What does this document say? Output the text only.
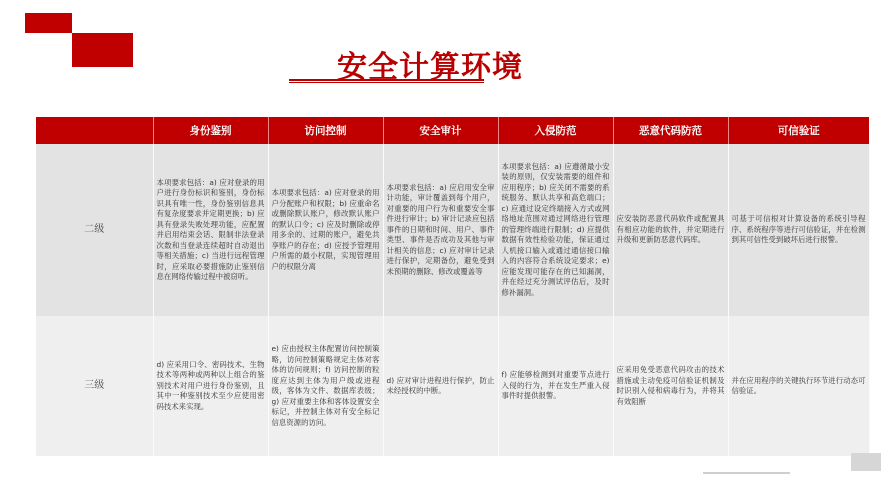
安全计算环境
	身份鉴别	访问控制	安全审计	入侵防范	恶意代码防范	可信验证
二级	本项要求包括：a) 应对登录的用户进行身份标识和鉴别，身份标识具有唯一性，身份鉴别信息具有复杂度要求并定期更换；b) 应具有登录失败处理功能，应配置并启用结束会话、限制非法登录次数和当登录连续超时自动退出等相关措施；c) 当进行远程管理时，应采取必要措施防止鉴别信息在网络传输过程中被窃听。	本项要求包括：a) 应对登录的用户分配账户和权限；b) 应重命名或删除默认账户，修改默认账户的默认口令；c) 应及时删除或停用多余的、过期的账户，避免共享账户的存在；d) 应授予管理用户所需的最小权限，实现管理用户的权限分离	本项要求包括：a) 应启用安全审计功能，审计覆盖到每个用户，对重要的用户行为和重要安全事件进行审计；b) 审计记录应包括事件的日期和时间、用户、事件类型、事件是否成功及其他与审计相关的信息；c) 应对审计记录进行保护，定期备份，避免受到未预期的删除、修改或覆盖等	本项要求包括：a) 应遵循最小安装的原则，仅安装需要的组件和应用程序；b) 应关闭不需要的系统服务、默认共享和高危端口；c) 应通过设定终端接入方式或网络地址范围对通过网络进行管理的管理终端进行限制；d) 应提供数据有效性检验功能，保证通过人机接口输入或通过通信接口输入的内容符合系统设定要求；e) 应能发现可能存在的已知漏洞，并在经过充分测试评估后，及时修补漏洞。	应安装防恶意代码软件或配置具有相应功能的软件，并定期进行升级和更新防恶意代码库。	可基于可信根对计算设备的系统引导程序、系统程序等进行可信验证，并在检测到其可信性受到破坏后进行报警。
三级	d) 应采用口令、密码技术、生物技术等两种或两种以上组合的鉴别技术对用户进行身份鉴别，且其中一种鉴别技术至少应使用密码技术来实现。	e) 应由授权主体配置访问控制策略，访问控制策略规定主体对客体的访问规则；f) 访问控制的粒度应达到主体为用户级或进程级，客体为文件、数据库表级；g) 应对重要主体和客体设置安全标记，并控制主体对有安全标记信息资源的访问。	d) 应对审计进程进行保护，防止未经授权的中断。	f) 应能够检测到对重要节点进行入侵的行为，并在发生严重入侵事件时提供报警。	应采用免受恶意代码攻击的技术措施或主动免疫可信验证机制及时识别入侵和病毒行为，并将其有效阻断	并在应用程序的关键执行环节进行动态可信验证。
